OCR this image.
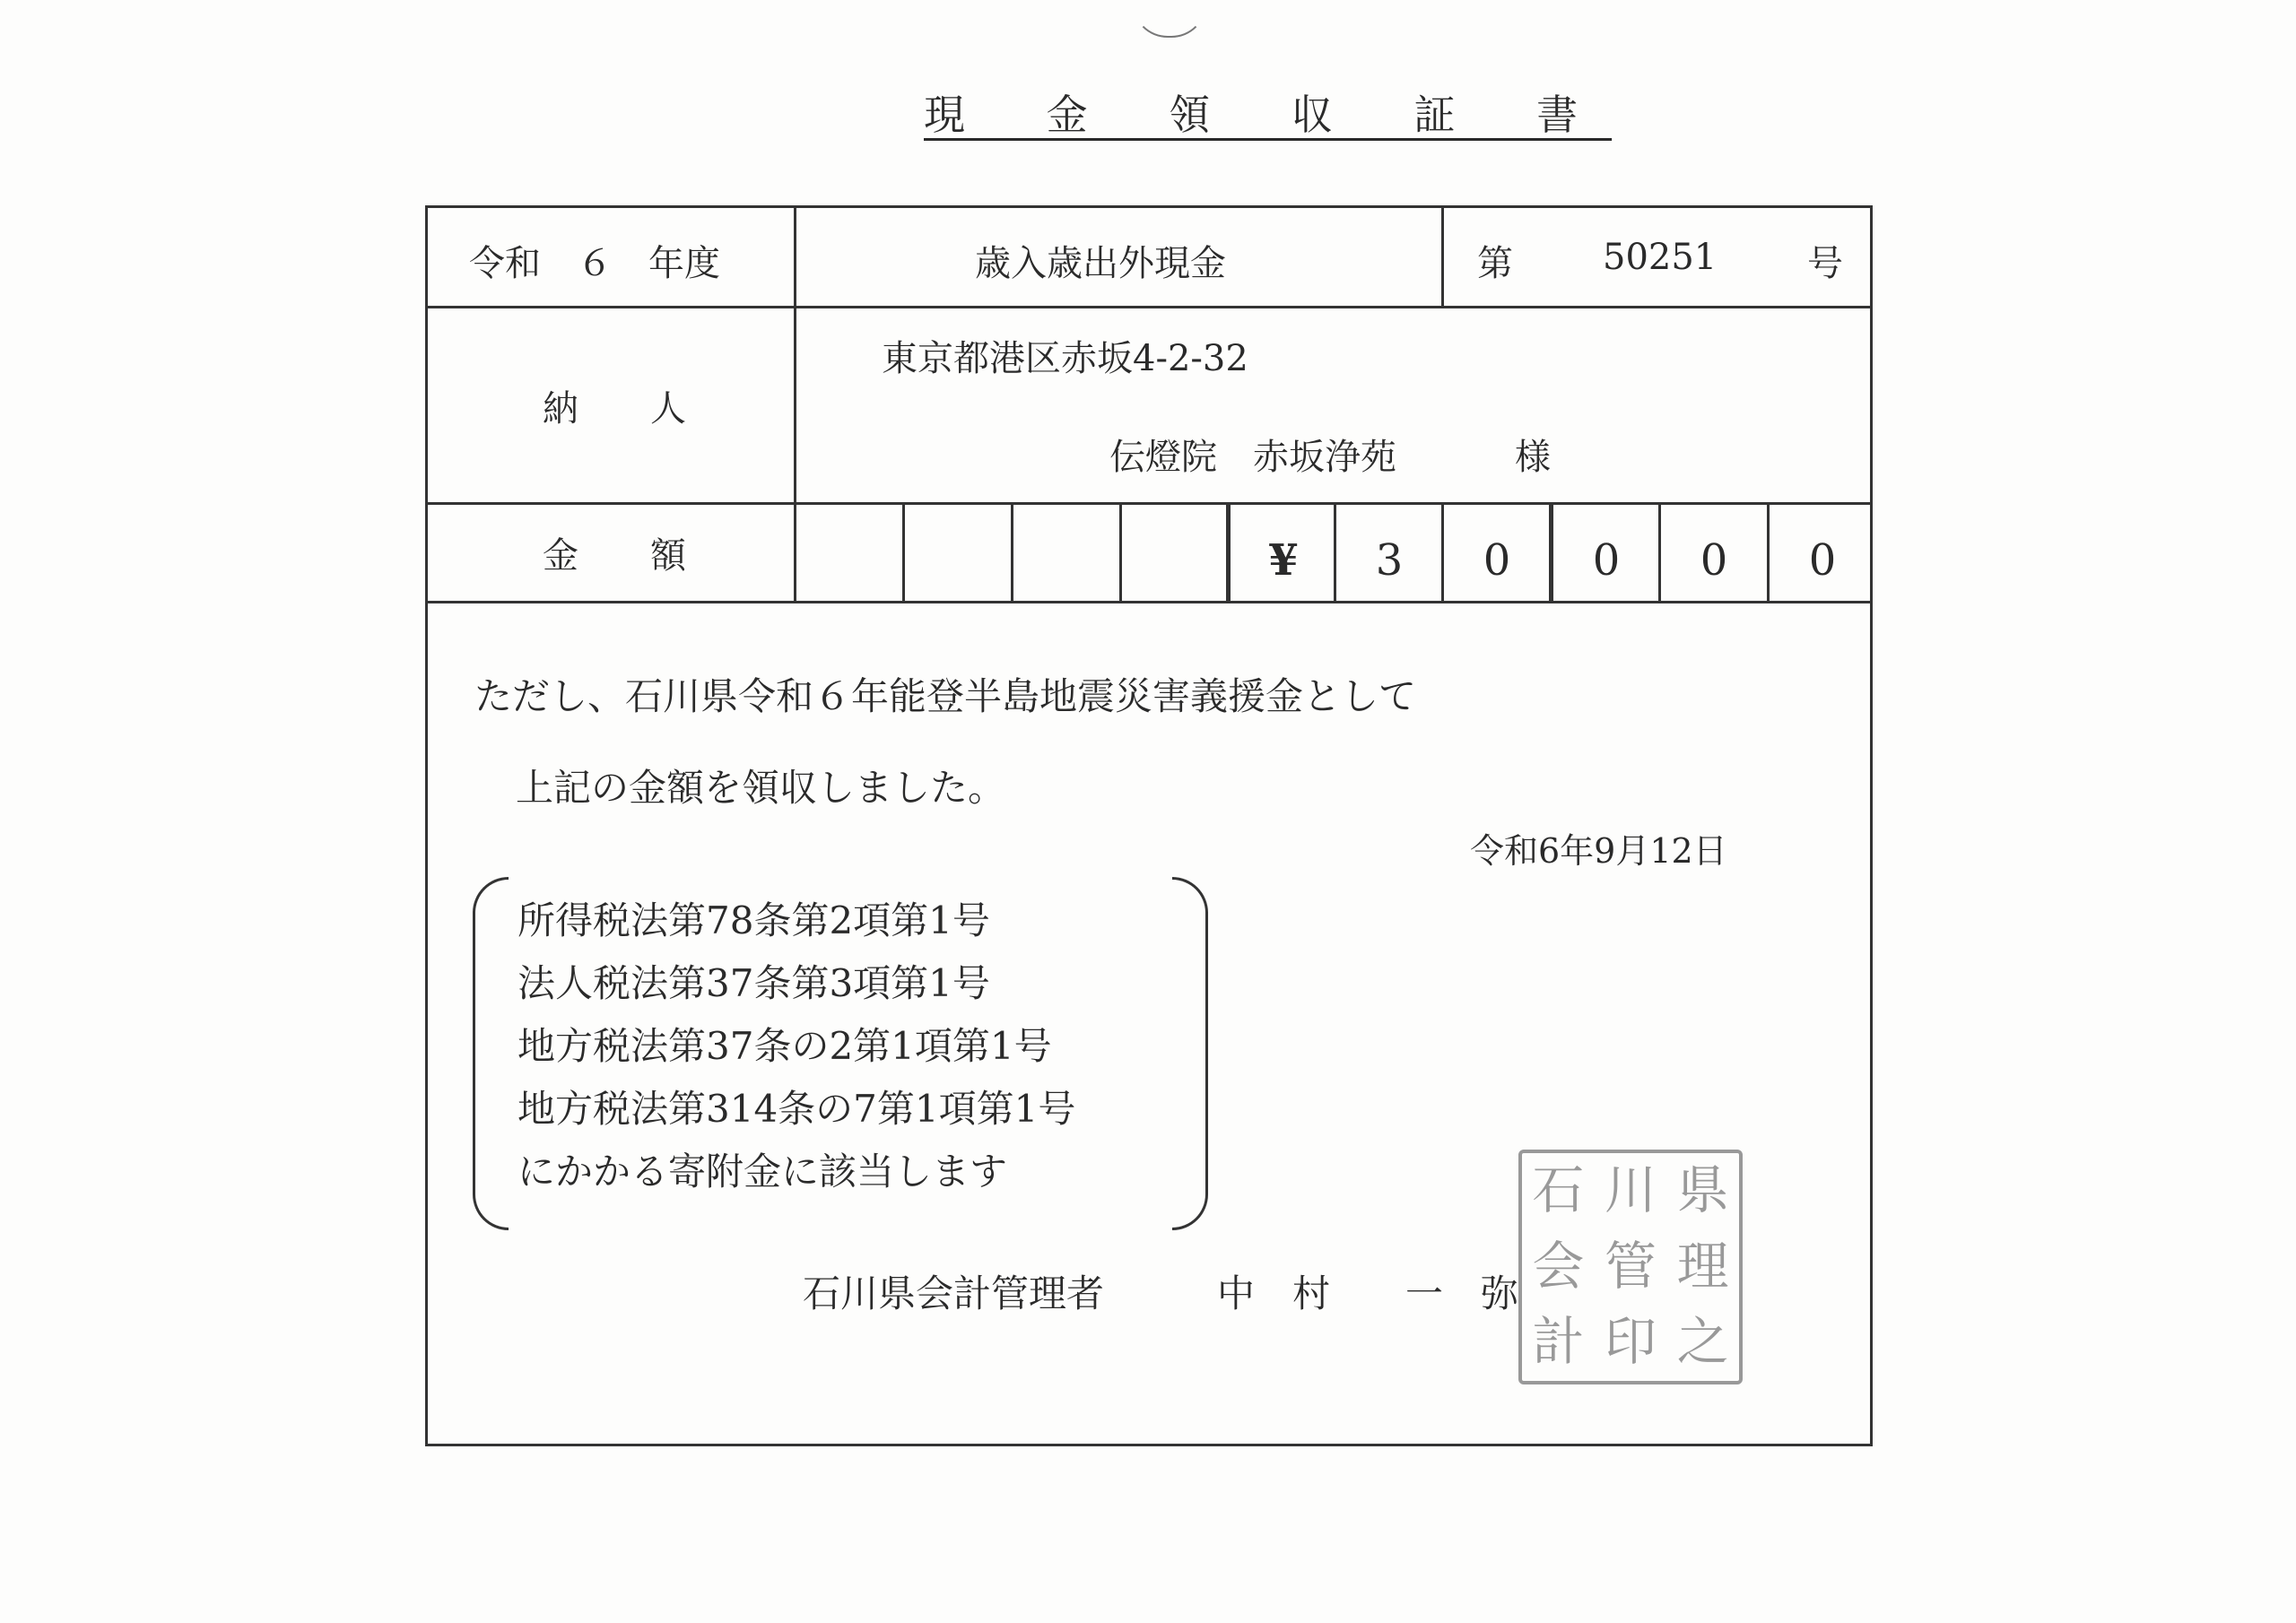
現 金 領 収 証 書
令和　６　年度	歳入歳出外現金	第	50251	号
納　　人
東京都港区赤坂4-2-32
伝燈院　赤坂浄苑	様
金　　額	¥	3	0	0	0	0
ただし、石川県令和６年能登半島地震災害義援金として
上記の金額を領収しました。
令和6年9月12日
所得税法第78条第2項第1号
法人税法第37条第3項第1号
地方税法第37条の2第1項第1号
地方税法第314条の7第1項第1号
にかかる寄附金に該当します
石川県会計管理者	中　村　　一　弥
石 川 県
会 管 理
計 印 之
